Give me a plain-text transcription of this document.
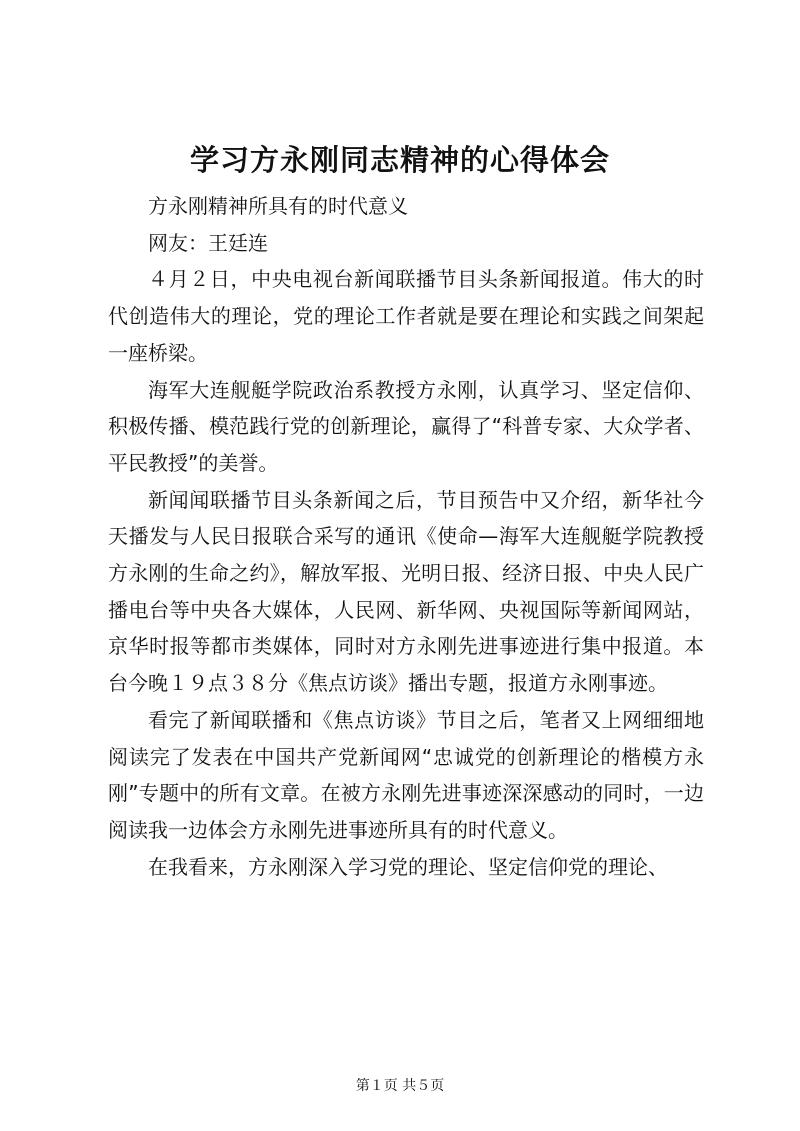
学习方永刚同志精神的心得体会

方永刚精神所具有的时代意义

网友：王廷连

４月２日，中央电视台新闻联播节目头条新闻报道。伟大的时代创造伟大的理论，党的理论工作者就是要在理论和实践之间架起一座桥梁。

海军大连舰艇学院政治系教授方永刚，认真学习、坚定信仰、积极传播、模范践行党的创新理论，赢得了“科普专家、大众学者、平民教授”的美誉。

新闻闻联播节目头条新闻之后，节目预告中又介绍，新华社今天播发与人民日报联合采写的通讯《使命—海军大连舰艇学院教授方永刚的生命之约》，解放军报、光明日报、经济日报、中央人民广播电台等中央各大媒体，人民网、新华网、央视国际等新闻网站，京华时报等都市类媒体，同时对方永刚先进事迹进行集中报道。本台今晚１９点３８分《焦点访谈》播出专题，报道方永刚事迹。

看完了新闻联播和《焦点访谈》节目之后，笔者又上网细细地阅读完了发表在中国共产党新闻网“忠诚党的创新理论的楷模方永刚”专题中的所有文章。在被方永刚先进事迹深深感动的同时，一边阅读我一边体会方永刚先进事迹所具有的时代意义。

在我看来，方永刚深入学习党的理论、坚定信仰党的理论、

第１页 共５页
